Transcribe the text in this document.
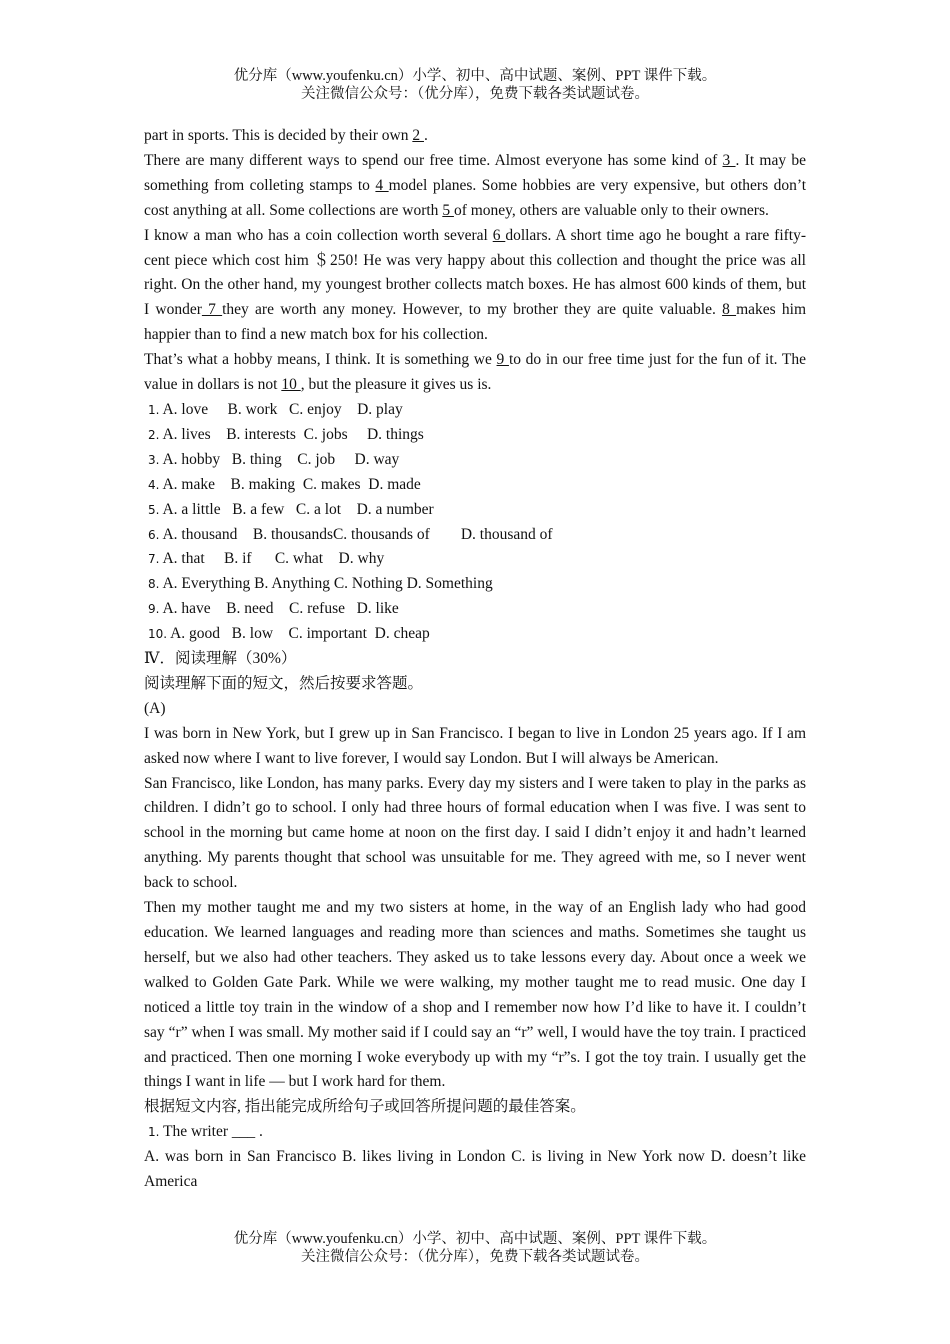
优分库（www.youfenku.cn）小学、初中、高中试题、案例、PPT 课件下载。
关注微信公众号：（优分库），免费下载各类试题试卷。

part in sports. This is decided by their own 2 .

There are many different ways to spend our free time. Almost everyone has some kind of 3 . It may be something from colleting stamps to 4 model planes. Some hobbies are very expensive, but others don’t cost anything at all. Some collections are worth 5 of money, others are valuable only to their owners.

I know a man who has a coin collection worth several 6 dollars. A short time ago he bought a rare fifty-cent piece which cost him ＄250! He was very happy about this collection and thought the price was all right. On the other hand, my youngest brother collects match boxes. He has almost 600 kinds of them, but I wonder 7 they are worth any money. However, to my brother they are quite valuable. 8 makes him happier than to find a new match box for his collection.

That’s what a hobby means, I think. It is something we 9 to do in our free time just for the fun of it. The value in dollars is not 10 , but the pleasure it gives us is.

1. A. love     B. work   C. enjoy    D. play

2. A. lives    B. interests  C. jobs     D. things

3. A. hobby   B. thing    C. job     D. way

4. A. make    B. making  C. makes  D. made

5. A. a little   B. a few   C. a lot    D. a number

6. A. thousand    B. thousandsC. thousands of        D. thousand of

7. A. that     B. if      C. what    D. why

8. A. Everything B. Anything C. Nothing D. Something

9. A. have    B. need    C. refuse   D. like

10. A. good   B. low    C. important  D. cheap

Ⅳ．阅读理解（30%）

阅读理解下面的短文，然后按要求答题。

(A)

I was born in New York, but I grew up in San Francisco. I began to live in London 25 years ago. If I am asked now where I want to live forever, I would say London. But I will always be American.

San Francisco, like London, has many parks. Every day my sisters and I were taken to play in the parks as children. I didn’t go to school. I only had three hours of formal education when I was five. I was sent to school in the morning but came home at noon on the first day. I said I didn’t enjoy it and hadn’t learned anything. My parents thought that school was unsuitable for me. They agreed with me, so I never went back to school.

Then my mother taught me and my two sisters at home, in the way of an English lady who had good education. We learned languages and reading more than sciences and maths. Sometimes she taught us herself, but we also had other teachers. They asked us to take lessons every day. About once a week we walked to Golden Gate Park. While we were walking, my mother taught me to read music. One day I noticed a little toy train in the window of a shop and I remember now how I’d like to have it. I couldn’t say “r” when I was small. My mother said if I could say an “r” well, I would have the toy train. I practiced and practiced. Then one morning I woke everybody up with my “r”s. I got the toy train. I usually get the things I want in life — but I work hard for them.

根据短文内容, 指出能完成所给句子或回答所提问题的最佳答案。

1. The writer ___ .

A. was born in San Francisco B. likes living in London C. is living in New York now D. doesn’t like America

优分库（www.youfenku.cn）小学、初中、高中试题、案例、PPT 课件下载。
关注微信公众号：（优分库），免费下载各类试题试卷。
